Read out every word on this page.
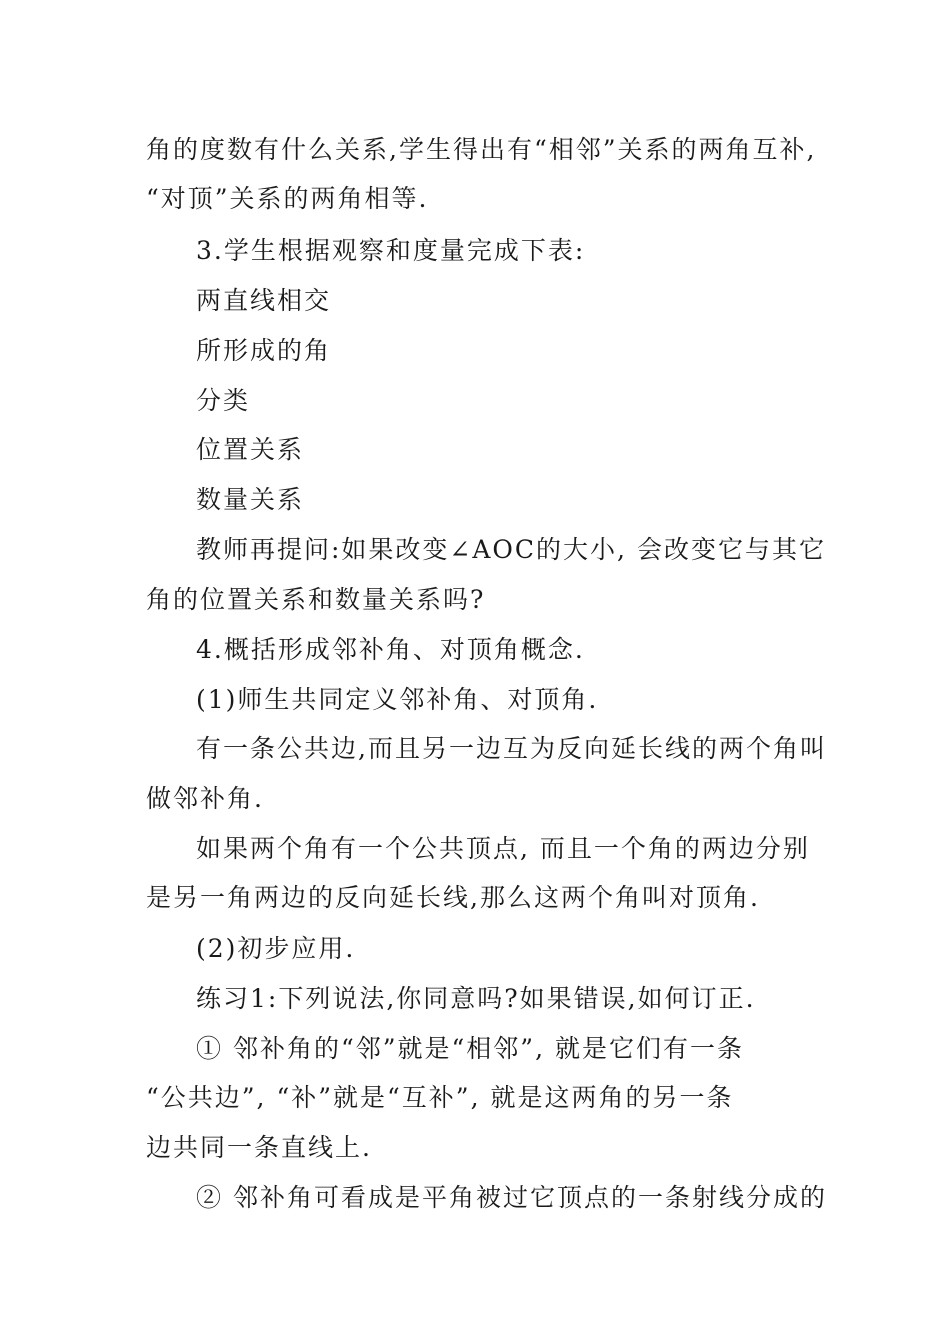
角的度数有什么关系,学生得出有“相邻”关系的两角互补,
“对顶”关系的两角相等.
3.学生根据观察和度量完成下表:
两直线相交
所形成的角
分类
位置关系
数量关系
教师再提问:如果改变∠AOC的大小, 会改变它与其它
角的位置关系和数量关系吗?
4.概括形成邻补角、对顶角概念.
(1)师生共同定义邻补角、对顶角.
有一条公共边,而且另一边互为反向延长线的两个角叫
做邻补角.
如果两个角有一个公共顶点, 而且一个角的两边分别
是另一角两边的反向延长线,那么这两个角叫对顶角.
(2)初步应用.
练习1:下列说法,你同意吗?如果错误,如何订正.
① 邻补角的“邻”就是“相邻”, 就是它们有一条
“公共边”, “补”就是“互补”, 就是这两角的另一条
边共同一条直线上.
② 邻补角可看成是平角被过它顶点的一条射线分成的
